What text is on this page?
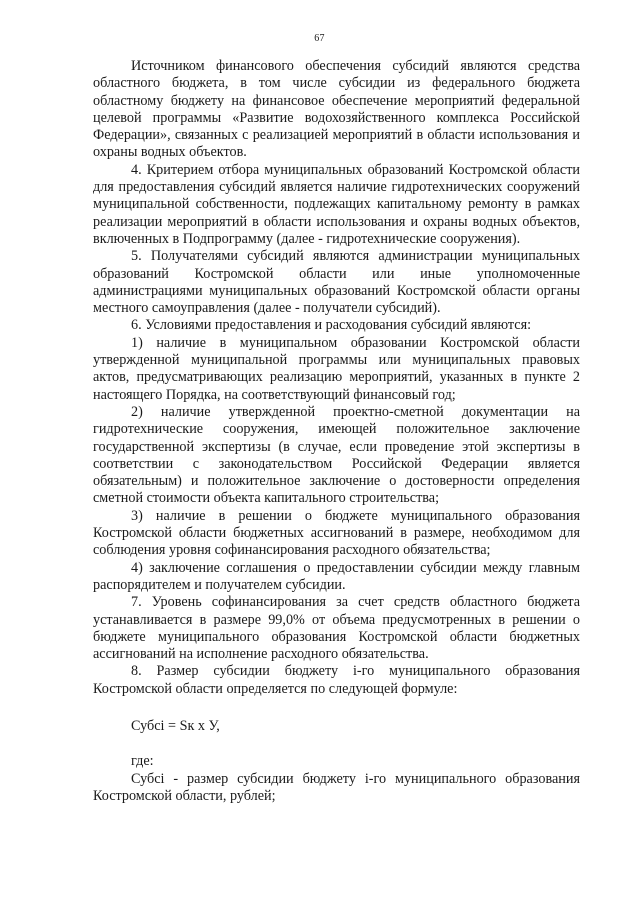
67

Источником финансового обеспечения субсидий являются средства областного бюджета, в том числе субсидии из федерального бюджета областному бюджету на финансовое обеспечение мероприятий федеральной целевой программы «Развитие водохозяйственного комплекса Российской Федерации», связанных с реализацией мероприятий в области использования и охраны водных объектов.

4. Критерием отбора муниципальных образований Костромской области для предоставления субсидий является наличие гидротехнических сооружений муниципальной собственности, подлежащих капитальному ремонту в рамках реализации мероприятий в области использования и охраны водных объектов, включенных в Подпрограмму (далее - гидротехнические сооружения).

5. Получателями субсидий являются администрации муниципальных образований Костромской области или иные уполномоченные администрациями муниципальных образований Костромской области органы местного самоуправления (далее - получатели субсидий).

6. Условиями предоставления и расходования субсидий являются:

1) наличие в муниципальном образовании Костромской области утвержденной муниципальной программы или муниципальных правовых актов, предусматривающих реализацию мероприятий, указанных в пункте 2 настоящего Порядка, на соответствующий финансовый год;

2) наличие утвержденной проектно-сметной документации на гидротехнические сооружения, имеющей положительное заключение государственной экспертизы (в случае, если проведение этой экспертизы в соответствии с законодательством Российской Федерации является обязательным) и положительное заключение о достоверности определения сметной стоимости объекта капитального строительства;

3) наличие в решении о бюджете муниципального образования Костромской области бюджетных ассигнований в размере, необходимом для соблюдения уровня софинансирования расходного обязательства;

4) заключение соглашения о предоставлении субсидии между главным распорядителем и получателем субсидии.

7. Уровень софинансирования за счет средств областного бюджета устанавливается в размере 99,0% от объема предусмотренных в решении о бюджете муниципального образования Костромской области бюджетных ассигнований на исполнение расходного обязательства.

8. Размер субсидии бюджету i-го муниципального образования Костромской области определяется по следующей формуле:

Субсi = Sк х У,

где:

Субсi - размер субсидии бюджету i-го муниципального образования Костромской области, рублей;
